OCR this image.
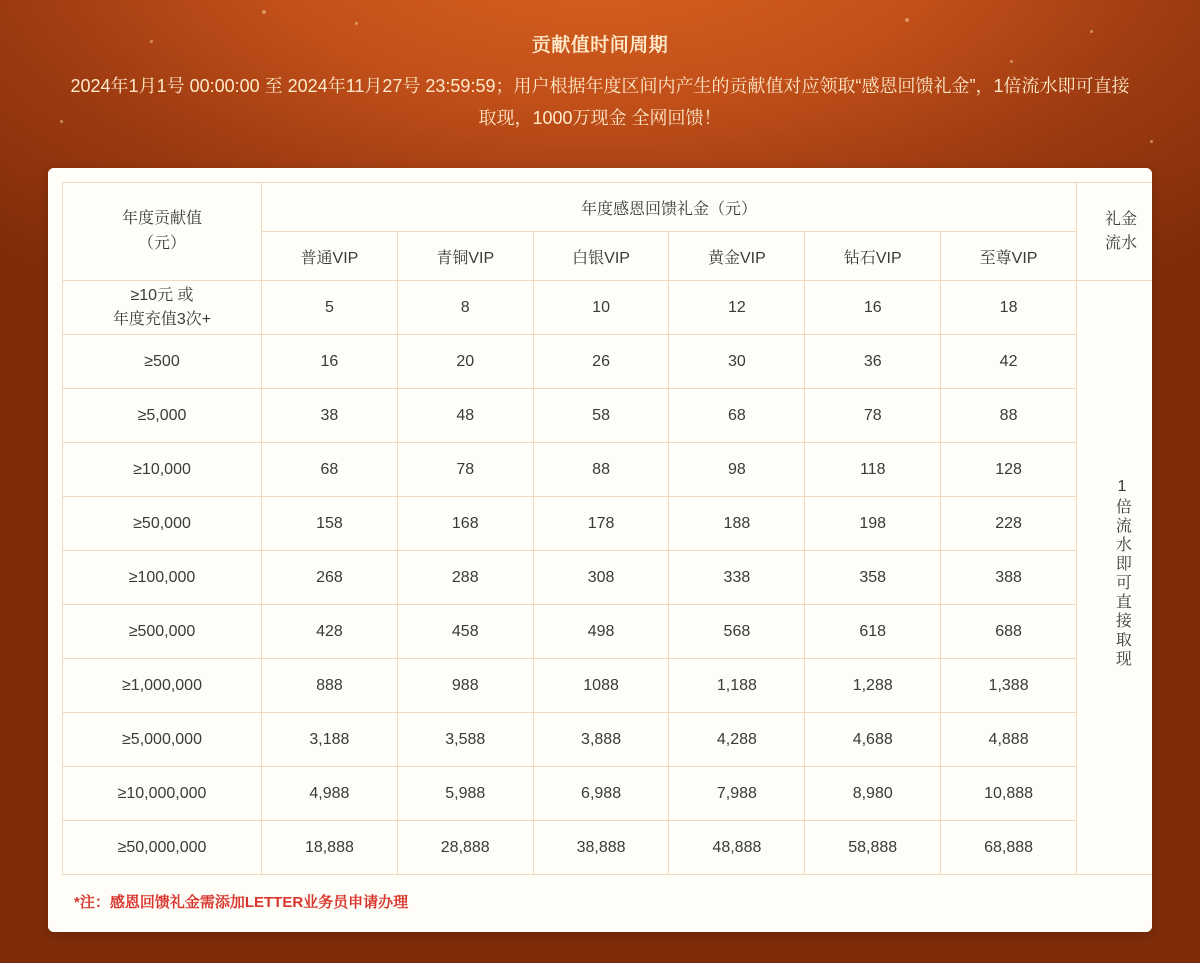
贡献值时间周期
2024年1月1号 00:00:00 至 2024年11月27号 23:59:59；用户根据年度区间内产生的贡献值对应领取“感恩回馈礼金”，1倍流水即可直接取现，1000万现金 全网回馈！
年度贡献值
（元）	年度感恩回馈礼金（元）						礼金
流水
	普通VIP	青铜VIP	白银VIP	黄金VIP	钻石VIP	至尊VIP	
≥10元 或
年度充值3次+	5	8	10	12	16	18	1倍流水即可直接取现
≥500	16	20	26	30	36	42	
≥5,000	38	48	58	68	78	88	
≥10,000	68	78	88	98	118	128	
≥50,000	158	168	178	188	198	228	
≥100,000	268	288	308	338	358	388	
≥500,000	428	458	498	568	618	688	
≥1,000,000	888	988	1088	1,188	1,288	1,388	
≥5,000,000	3,188	3,588	3,888	4,288	4,688	4,888	
≥10,000,000	4,988	5,988	6,988	7,988	8,980	10,888	
≥50,000,000	18,888	28,888	38,888	48,888	58,888	68,888	
*注：感恩回馈礼金需添加LETTER业务员申请办理
